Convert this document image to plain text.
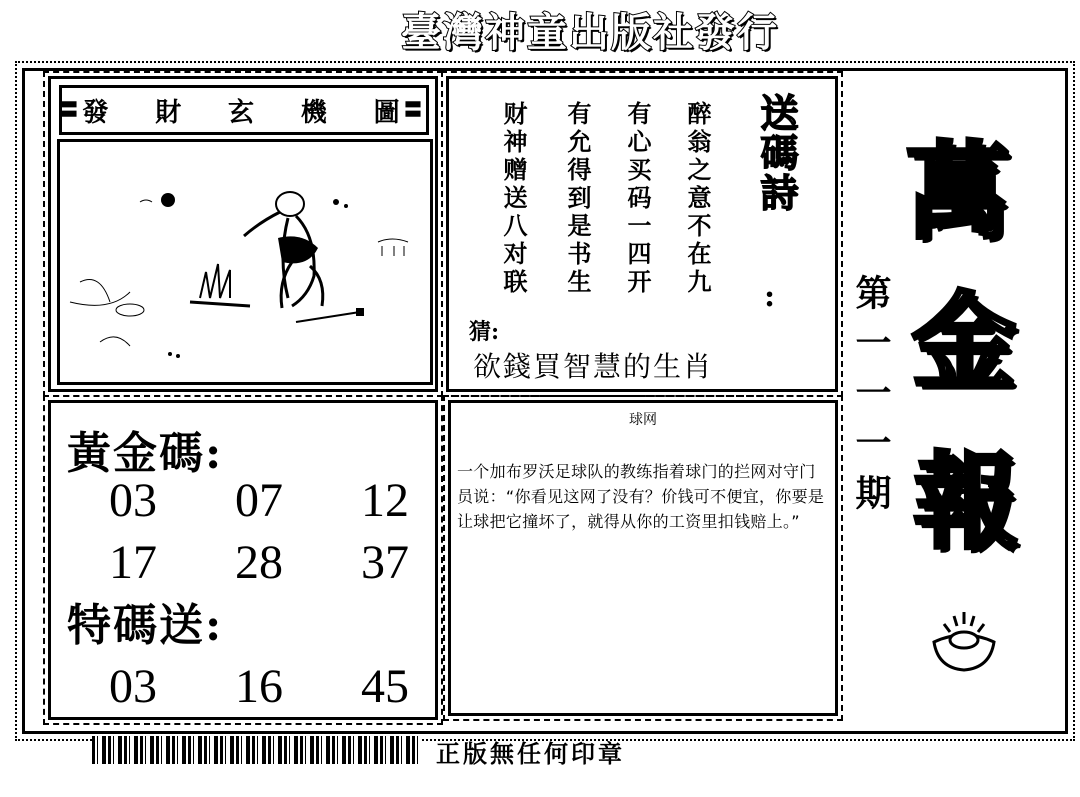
臺灣神童出版社發行
〓 發 財 玄 機 圖
〓	醉翁之意不在九
有心买码一四开
有允得到是书生
财神赠送八对联	送碼詩
:
猜:
欲錢買智慧的生肖
黃金碼:
03 07 12
17 28 37
特碼送:
03 16 45
球网
一个加布罗沃足球队的教练指着球门的拦网对守门员说：“你看见这网了没有？价钱可不便宜，你要是让球把它撞坏了，就得从你的工资里扣钱赔上。”
萬
金
報
第一一一期
正版無任何印章
